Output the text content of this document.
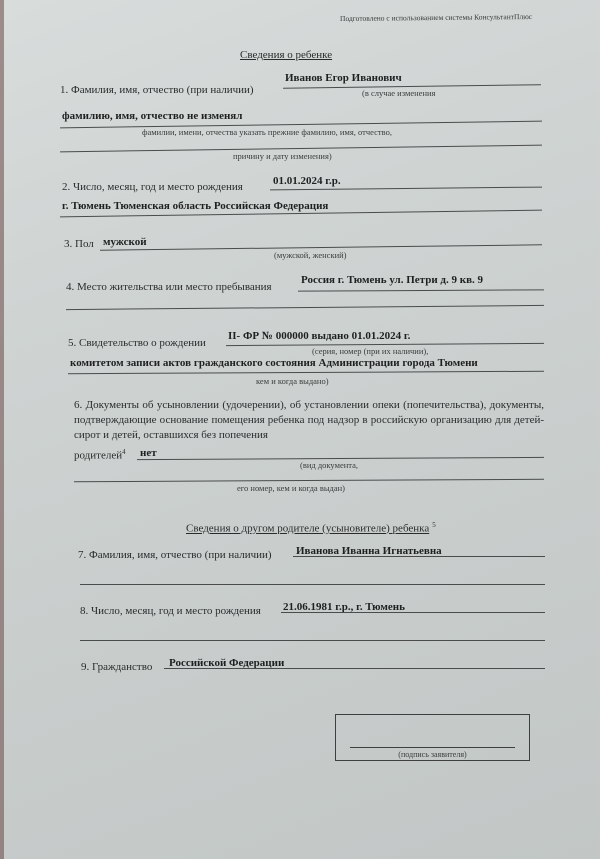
Подготовлено с использованием системы КонсультантПлюс
Сведения о ребенке
1. Фамилия, имя, отчество (при наличии)
Иванов Егор Иванович
(в случае изменения
фамилию, имя, отчество не изменял
фамилии, имени, отчества указать прежние фамилию, имя, отчество,
причину и дату изменения)
2. Число, месяц, год и место рождения	01.01.2024 г.р.
г. Тюмень Тюменская область Российская Федерация
3. Пол мужской
(мужской, женский)
4. Место жительства или место пребывания
Россия г. Тюмень ул. Петри д. 9 кв. 9
5. Свидетельство о рождении
II- ФР № 000000 выдано 01.01.2024 г.
(серия, номер (при их наличии),
комитетом записи актов гражданского состояния Администрации города Тюмени
кем и когда выдано)
6. Документы об усыновлении (удочерении), об установлении опеки (попечительства), документы, подтверждающие основание помещения ребенка под надзор в российскую организацию для детей-сирот и детей, оставшихся без попечения
родителей$^4$ нет
(вид документа,
его номер, кем и когда выдан)
Сведения о другом родителе (усыновителе) ребенка $^5$
7. Фамилия, имя, отчество (при наличии) Иванова Иванна Игнатьевна
8. Число, месяц, год и место рождения 21.06.1981 г.р., г. Тюмень
9. Гражданство Российской Федерации
(подпись заявителя)
